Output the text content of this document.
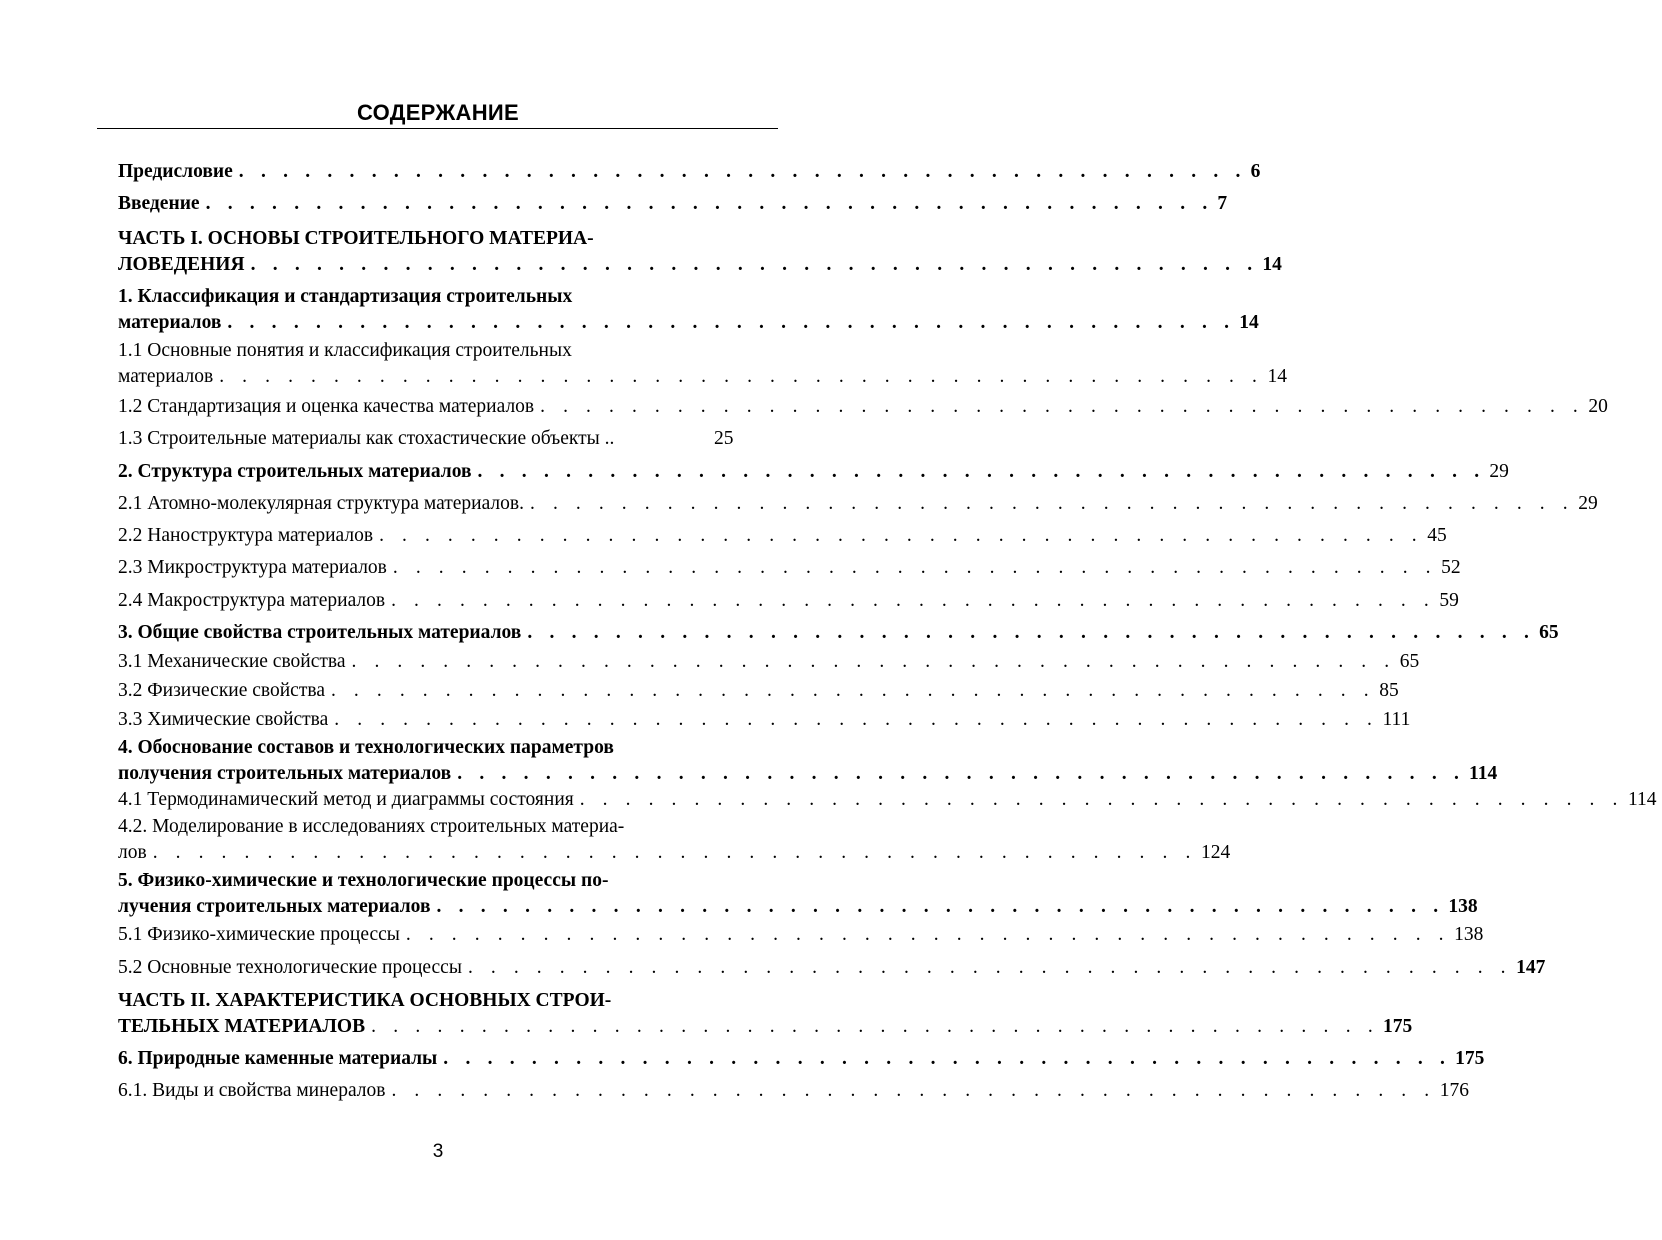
СОДЕРЖАНИЕ
Предисловие . . . . . . . . . . . . . . . . . . . . . . . . . . . . . . . . . . . . . . . . . . . . . . 6
Введение . . . . . . . . . . . . . . . . . . . . . . . . . . . . . . . . . . . . . . . . . . . . . . 7
ЧАСТЬ I. ОСНОВЫ СТРОИТЕЛЬНОГО МАТЕРИА-
ЛОВЕДЕНИЯ . . . . . . . . . . . . . . . . . . . . . . . . . . . . . . . . . . . . . . . . . . . . . . 14
1. Классификация и стандартизация строительных
материалов . . . . . . . . . . . . . . . . . . . . . . . . . . . . . . . . . . . . . . . . . . . . . . 14
1.1 Основные понятия и классификация строительных
материалов . . . . . . . . . . . . . . . . . . . . . . . . . . . . . . . . . . . . . . . . . . . . . . 14
1.2 Стандартизация и оценка качества материалов . . . . . . . . . . . . . . . . . . . . . . . . . . . . . . . . . . . . . . . . . . . . . . 20
1.3 Строительные материалы как стохастические объекты ..	25
2. Структура строительных материалов . . . . . . . . . . . . . . . . . . . . . . . . . . . . . . . . . . . . . . . . . . . . . . 29
2.1 Атомно-молекулярная структура материалов. . . . . . . . . . . . . . . . . . . . . . . . . . . . . . . . . . . . . . . . . . . . . . . 29
2.2 Наноструктура материалов . . . . . . . . . . . . . . . . . . . . . . . . . . . . . . . . . . . . . . . . . . . . . . 45
2.3 Микроструктура материалов . . . . . . . . . . . . . . . . . . . . . . . . . . . . . . . . . . . . . . . . . . . . . . 52
2.4 Макроструктура материалов . . . . . . . . . . . . . . . . . . . . . . . . . . . . . . . . . . . . . . . . . . . . . . 59
3. Общие свойства строительных материалов . . . . . . . . . . . . . . . . . . . . . . . . . . . . . . . . . . . . . . . . . . . . . . 65
3.1 Механические свойства . . . . . . . . . . . . . . . . . . . . . . . . . . . . . . . . . . . . . . . . . . . . . . 65
3.2 Физические свойства . . . . . . . . . . . . . . . . . . . . . . . . . . . . . . . . . . . . . . . . . . . . . . 85
3.3 Химические свойства . . . . . . . . . . . . . . . . . . . . . . . . . . . . . . . . . . . . . . . . . . . . . . 111
4. Обоснование составов и технологических параметров
получения строительных материалов . . . . . . . . . . . . . . . . . . . . . . . . . . . . . . . . . . . . . . . . . . . . . . 114
4.1 Термодинамический метод и диаграммы состояния . . . . . . . . . . . . . . . . . . . . . . . . . . . . . . . . . . . . . . . . . . . . . . 114
4.2. Моделирование в исследованиях строительных материа-
лов . . . . . . . . . . . . . . . . . . . . . . . . . . . . . . . . . . . . . . . . . . . . . . 124
5. Физико-химические и технологические процессы по-
лучения строительных материалов . . . . . . . . . . . . . . . . . . . . . . . . . . . . . . . . . . . . . . . . . . . . . . 138
5.1 Физико-химические процессы . . . . . . . . . . . . . . . . . . . . . . . . . . . . . . . . . . . . . . . . . . . . . . 138
5.2 Основные технологические процессы . . . . . . . . . . . . . . . . . . . . . . . . . . . . . . . . . . . . . . . . . . . . . . 147
ЧАСТЬ II. ХАРАКТЕРИСТИКА ОСНОВНЫХ СТРОИ-
ТЕЛЬНЫХ МАТЕРИАЛОВ . . . . . . . . . . . . . . . . . . . . . . . . . . . . . . . . . . . . . . . . . . . . . . 175
6. Природные каменные материалы . . . . . . . . . . . . . . . . . . . . . . . . . . . . . . . . . . . . . . . . . . . . . . 175
6.1. Виды и свойства минералов . . . . . . . . . . . . . . . . . . . . . . . . . . . . . . . . . . . . . . . . . . . . . . 176
3
